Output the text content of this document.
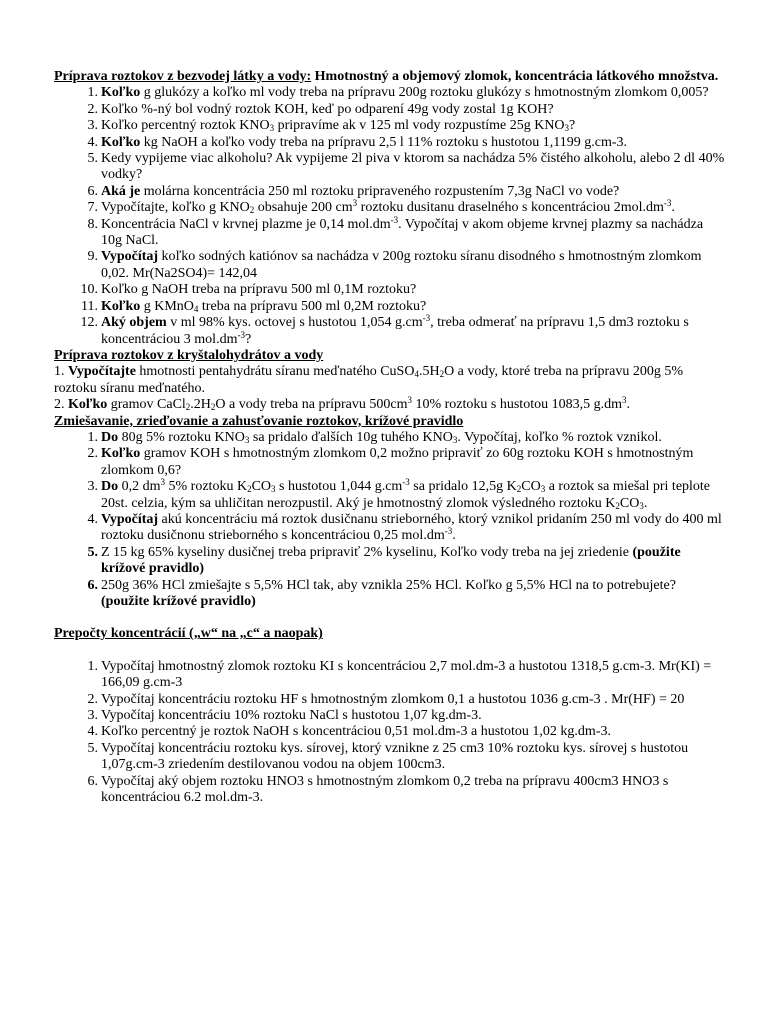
Príprava roztokov z bezvodej látky a vody: Hmotnostný a objemový zlomok, koncentrácia látkového množstva.
1. Koľko g glukózy a koľko ml vody treba na prípravu 200g roztoku glukózy s hmotnostným zlomkom 0,005?
2. Koľko %-ný bol vodný roztok KOH, keď po odparení 49g vody zostal 1g KOH?
3. Koľko percentný roztok $KNO_3$ pripravíme ak v 125 ml vody rozpustíme 25g $KNO_3$?
4. Koľko kg NaOH a koľko vody treba na prípravu 2,5 l 11% roztoku s hustotou 1,1199 g.cm-3.
5. Kedy vypijeme viac alkoholu? Ak vypijeme 2l piva v ktorom sa nachádza 5% čistého alkoholu, alebo 2 dl 40% vodky?
6. Aká je molárna koncentrácia 250 ml roztoku pripraveného rozpustením 7,3g NaCl vo vode?
7. Vypočítajte, koľko g $KNO_2$ obsahuje 200 $cm^3$ roztoku dusitanu draselného s koncentráciou $2mol.dm^{-3}$.
8. Koncentrácia NaCl v krvnej plazme je 0,14 $mol.dm^{-3}$. Vypočítaj v akom objeme krvnej plazmy sa nachádza 10g NaCl.
9. Vypočítaj koľko sodných katiónov sa nachádza v 200g roztoku síranu disodného s hmotnostným zlomkom 0,02. Mr(Na2SO4)= 142,04
10. Koľko g NaOH treba na prípravu 500 ml 0,1M roztoku?
11. Koľko g KMnO$_4$ treba na prípravu 500 ml 0,2M roztoku?
12. Aký objem v ml 98% kys. octovej s hustotou 1,054 $g.cm^{-3}$, treba odmerať na prípravu 1,5 dm3 roztoku s koncentráciou 3 $mol.dm^{-3}$?
Príprava roztokov z kryštalohydrátov a vody
1. Vypočítajte hmotnosti pentahydrátu síranu meďnatého $CuSO_4.5H_2O$ a vody, ktoré treba na prípravu 200g 5% roztoku síranu meďnatého.
2. Koľko gramov $CaCl_2.2H_2O$ a vody treba na prípravu $500cm^3$ 10% roztoku s hustotou 1083,5 $g.dm^3$.
Zmiešavanie, zrieďovanie a zahusťovanie roztokov, krížové pravidlo
1. Do 80g 5% roztoku $KNO_3$ sa pridalo ďalších 10g tuhého $KNO_3$. Vypočítaj, koľko % roztok vznikol.
2. Koľko gramov KOH s hmotnostným zlomkom 0,2 možno pripraviť zo 60g roztoku KOH s hmotnostným zlomkom 0,6?
3. Do 0,2 $dm^3$ 5% roztoku $K_2CO_3$ s hustotou 1,044 $g.cm^{-3}$ sa pridalo 12,5g $K_2CO_3$ a roztok sa miešal pri teplote 20st. celzia, kým sa uhličitan nerozpustil. Aký je hmotnostný zlomok výsledného roztoku $K_2CO_3$.
4. Vypočítaj akú koncentráciu má roztok dusičnanu strieborného, ktorý vznikol pridaním 250 ml vody do 400 ml roztoku dusičnonu strieborného s koncentráciou 0,25 $mol.dm^{-3}$.
5. Z 15 kg 65% kyseliny dusičnej treba pripraviť 2% kyselinu, Koľko vody treba na jej zriedenie (použite krížové pravidlo)
6. 250g 36% HCl zmiešajte s 5,5% HCl tak, aby vznikla 25% HCl. Koľko g 5,5% HCl na to potrebujete? (použite krížové pravidlo)
Prepočty koncentrácií („w“ na „c“ a naopak)
1. Vypočítaj hmotnostný zlomok roztoku KI s koncentráciou 2,7 mol.dm-3 a hustotou 1318,5 g.cm-3. Mr(KI) = 166,09 g.cm-3
2. Vypočítaj koncentráciu roztoku HF s hmotnostným zlomkom 0,1 a hustotou 1036 g.cm-3 . Mr(HF) = 20
3. Vypočítaj koncentráciu 10% roztoku NaCl s hustotou 1,07 kg.dm-3.
4. Koľko percentný je roztok NaOH s koncentráciou 0,51 mol.dm-3 a hustotou 1,02 kg.dm-3.
5. Vypočítaj koncentráciu roztoku kys. sírovej, ktorý vznikne z 25 cm3 10% roztoku kys. sírovej s hustotou 1,07g.cm-3 zriedením destilovanou vodou na objem 100cm3.
6. Vypočítaj aký objem roztoku HNO3 s hmotnostným zlomkom 0,2 treba na prípravu 400cm3 HNO3 s koncentráciou 6.2 mol.dm-3.
